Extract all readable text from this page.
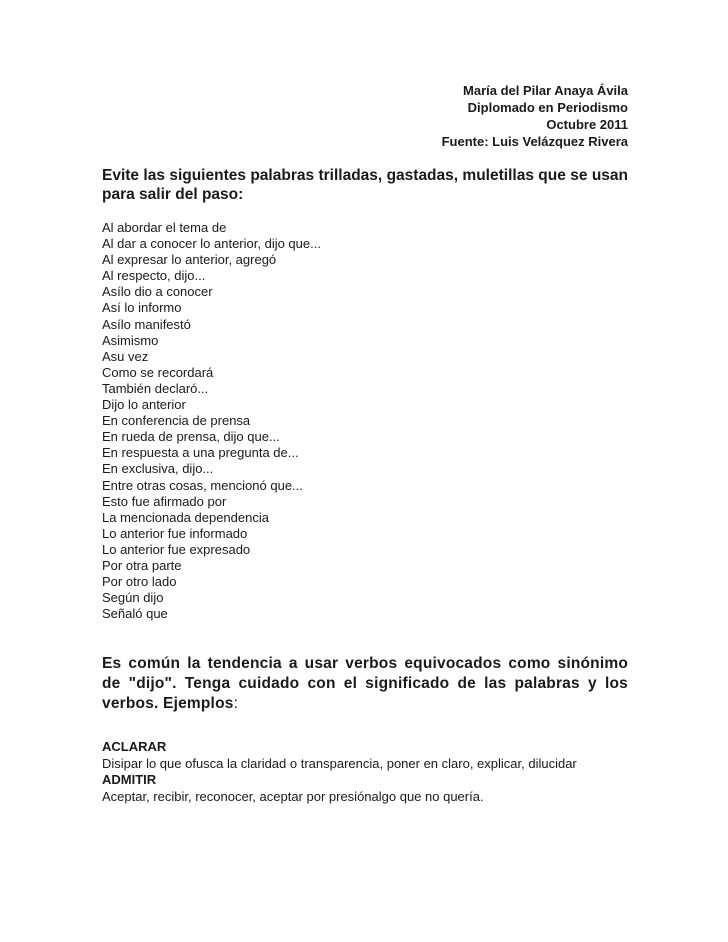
María del Pilar Anaya Ávila
Diplomado en Periodismo
Octubre 2011
Fuente: Luis Velázquez Rivera
Evite las siguientes palabras trilladas, gastadas, muletillas que se usan para salir del paso:
Al abordar el tema de
Al dar a conocer lo anterior, dijo que...
Al expresar lo anterior, agregó
Al respecto, dijo...
Asílo dio a conocer
Así lo informo
Asílo manifestó
Asimismo
Asu vez
Como se recordará
También declaró...
Dijo lo anterior
En conferencia de prensa
En rueda de prensa, dijo que...
En respuesta a una pregunta de...
En exclusiva, dijo...
Entre otras cosas, mencionó que...
Esto fue afirmado por
La mencionada dependencia
Lo anterior fue informado
Lo anterior fue expresado
Por otra parte
Por otro lado
Según dijo
Señaló que
Es común la tendencia a usar verbos equivocados como sinónimo de "dijo". Tenga cuidado con el significado de las palabras y los verbos. Ejemplos:
ACLARAR
Disipar lo que ofusca la claridad o transparencia, poner en claro, explicar, dilucidar
ADMITIR
Aceptar, recibir, reconocer, aceptar por presiónalgo que no quería.
